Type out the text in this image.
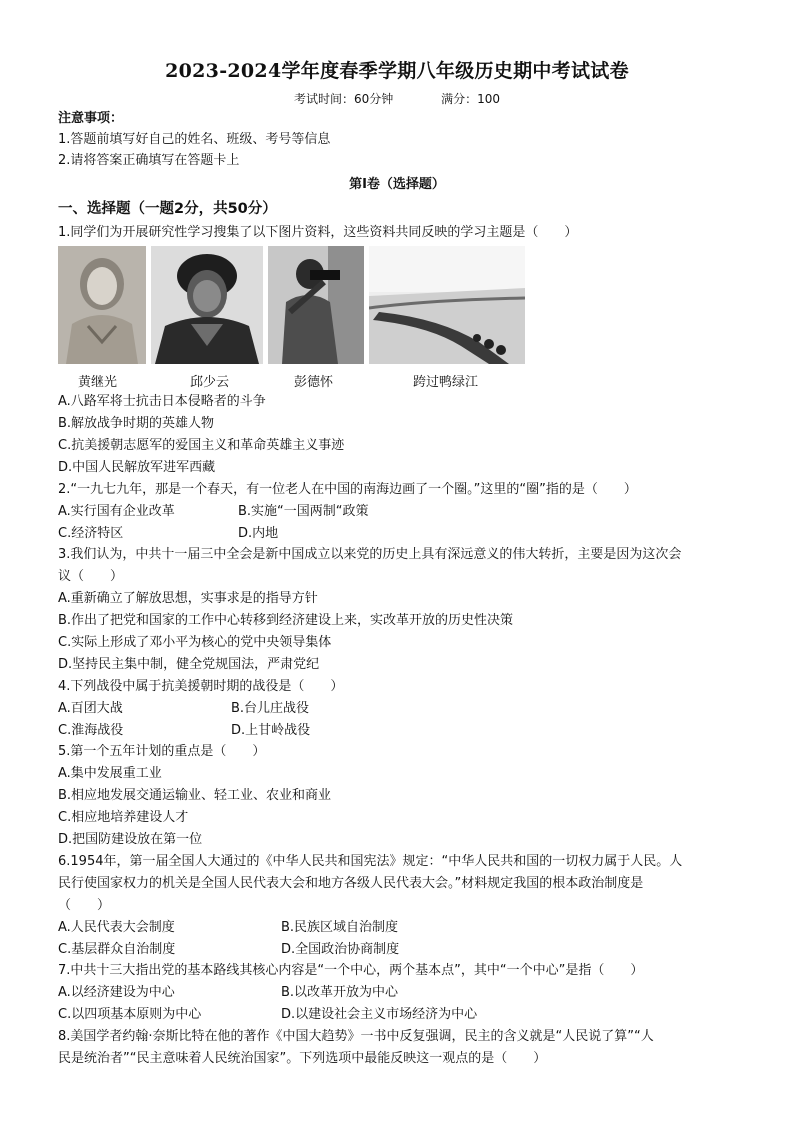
2023-2024学年度春季学期八年级历史期中考试试卷
考试时间：60分钟	满分：100
注意事项：
1.答题前填写好自己的姓名、班级、考号等信息
2.请将答案正确填写在答题卡上
第I卷（选择题）
一、选择题（一题2分，共50分）
1.同学们为开展研究性学习搜集了以下图片资料，这些资料共同反映的学习主题是（　　）
黄继光	邱少云	彭德怀	跨过鸭绿江
A.八路军将士抗击日本侵略者的斗争
B.解放战争时期的英雄人物
C.抗美援朝志愿军的爱国主义和革命英雄主义事迹
D.中国人民解放军进军西藏
2.“一九七九年，那是一个春天，有一位老人在中国的南海边画了一个圈。”这里的“圈”指的是（　　）
A.实行国有企业改革	B.实施“一国两制“政策
C.经济特区	D.内地
3.我们认为，中共十一届三中全会是新中国成立以来党的历史上具有深远意义的伟大转折，主要是因为这次会
议（　　）
A.重新确立了解放思想，实事求是的指导方针
B.作出了把党和国家的工作中心转移到经济建设上来，实改革开放的历史性决策
C.实际上形成了邓小平为核心的党中央领导集体
D.坚持民主集中制，健全党规国法，严肃党纪
4.下列战役中属于抗美援朝时期的战役是（　　）
A.百团大战	B.台儿庄战役
C.淮海战役	D.上甘岭战役
5.第一个五年计划的重点是（　　）
A.集中发展重工业
B.相应地发展交通运输业、轻工业、农业和商业
C.相应地培养建设人才
D.把国防建设放在第一位
6.1954年，第一届全国人大通过的《中华人民共和国宪法》规定：“中华人民共和国的一切权力属于人民。人
民行使国家权力的机关是全国人民代表大会和地方各级人民代表大会。”材料规定我国的根本政治制度是
（　　）
A.人民代表大会制度	B.民族区域自治制度
C.基层群众自治制度	D.全国政治协商制度
7.中共十三大指出党的基本路线其核心内容是“一个中心，两个基本点”，其中“一个中心”是指（　　）
A.以经济建设为中心	B.以改革开放为中心
C.以四项基本原则为中心	D.以建设社会主义市场经济为中心
8.美国学者约翰·奈斯比特在他的著作《中国大趋势》一书中反复强调，民主的含义就是“人民说了算”“人
民是统治者”“民主意味着人民统治国家”。下列选项中最能反映这一观点的是（　　）
